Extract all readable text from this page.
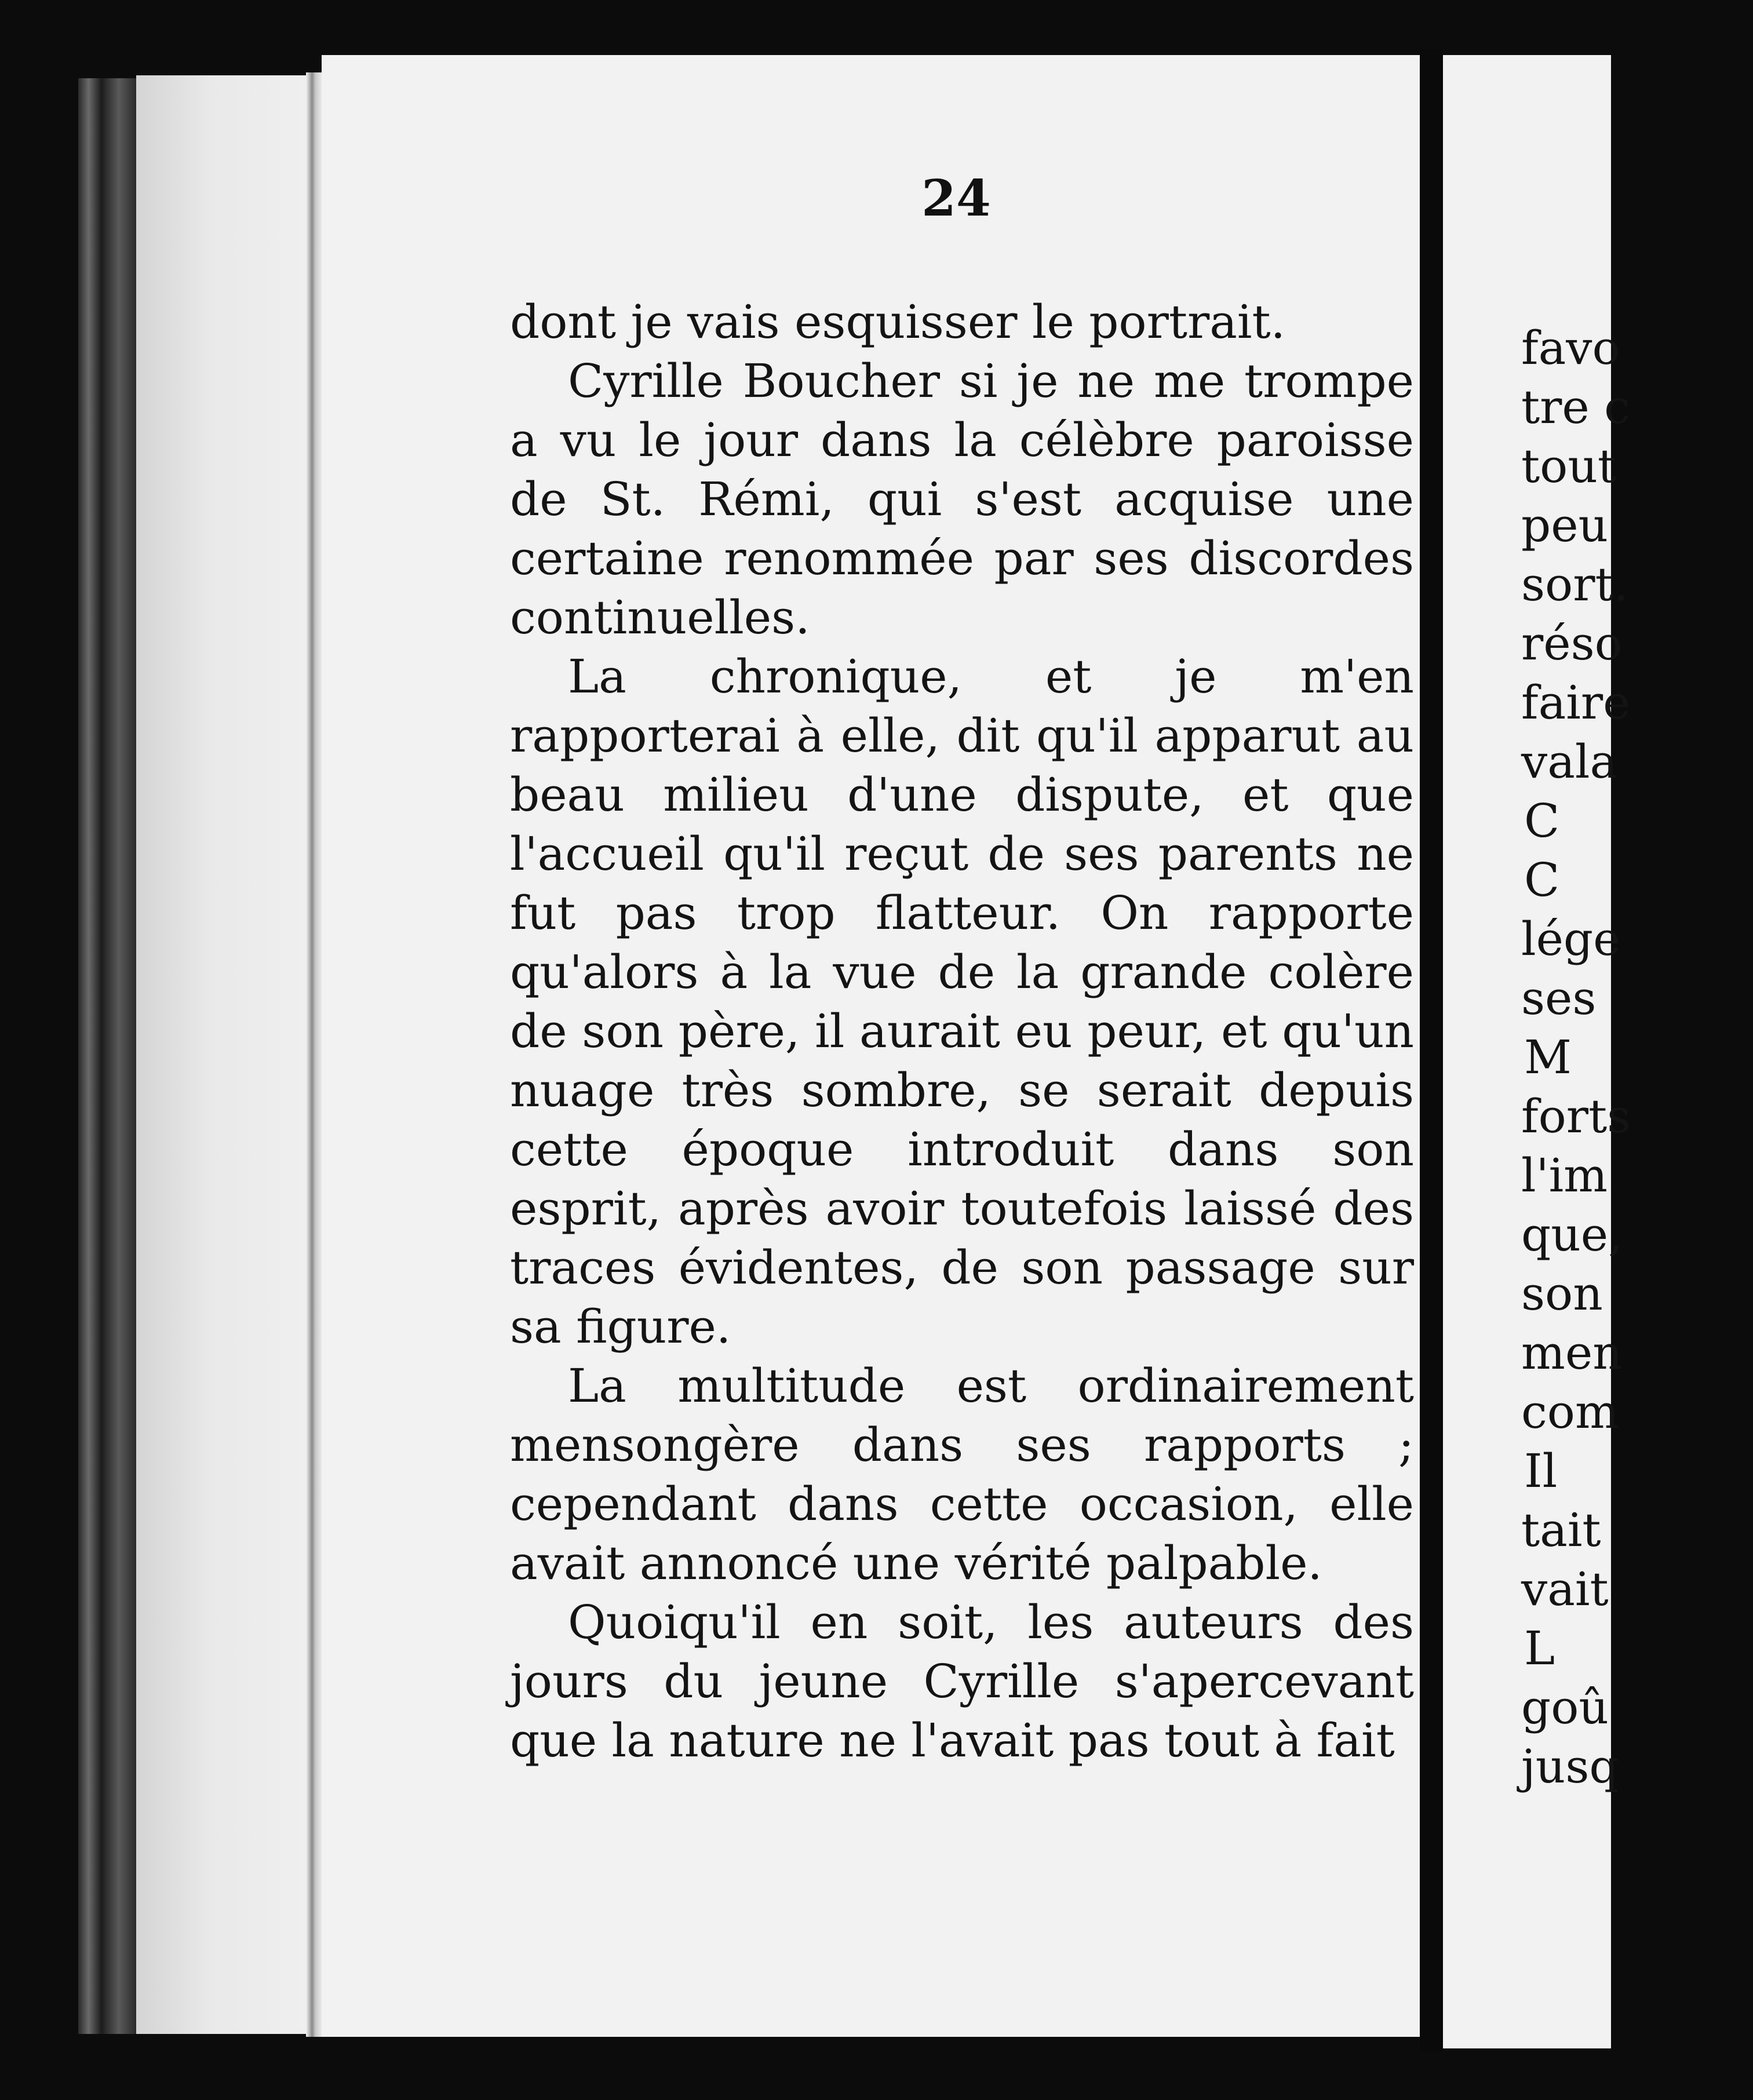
24

dont je vais esquisser le portrait.

Cyrille Boucher si je ne me trompe a vu le jour dans la célèbre paroisse de St. Rémi, qui s'est acquise une certaine renommée par ses discordes continuelles.

La chronique, et je m'en rapporterai à elle, dit qu'il apparut au beau milieu d'une dispute, et que l'accueil qu'il reçut de ses parents ne fut pas trop flatteur. On rapporte qu'alors à la vue de la grande colère de son père, il aurait eu peur, et qu'un nuage très sombre, se serait depuis cette époque introduit dans son esprit, après avoir toutefois laissé des traces évidentes, de son passage sur sa figure.

La multitude est ordinairement mensongère dans ses rapports ; cependant dans cette occasion, elle avait annoncé une vérité palpable.

Quoiqu'il en soit, les auteurs des jours du jeune Cyrille s'apercevant que la nature ne l'avait pas tout à fait

favo
tre c
tout
peu
sort.
réso
faire
vala
C
C
lége
ses
M
forts
l'im
que,
son
men
com
Il
tait
vait
L
goû
jusq
